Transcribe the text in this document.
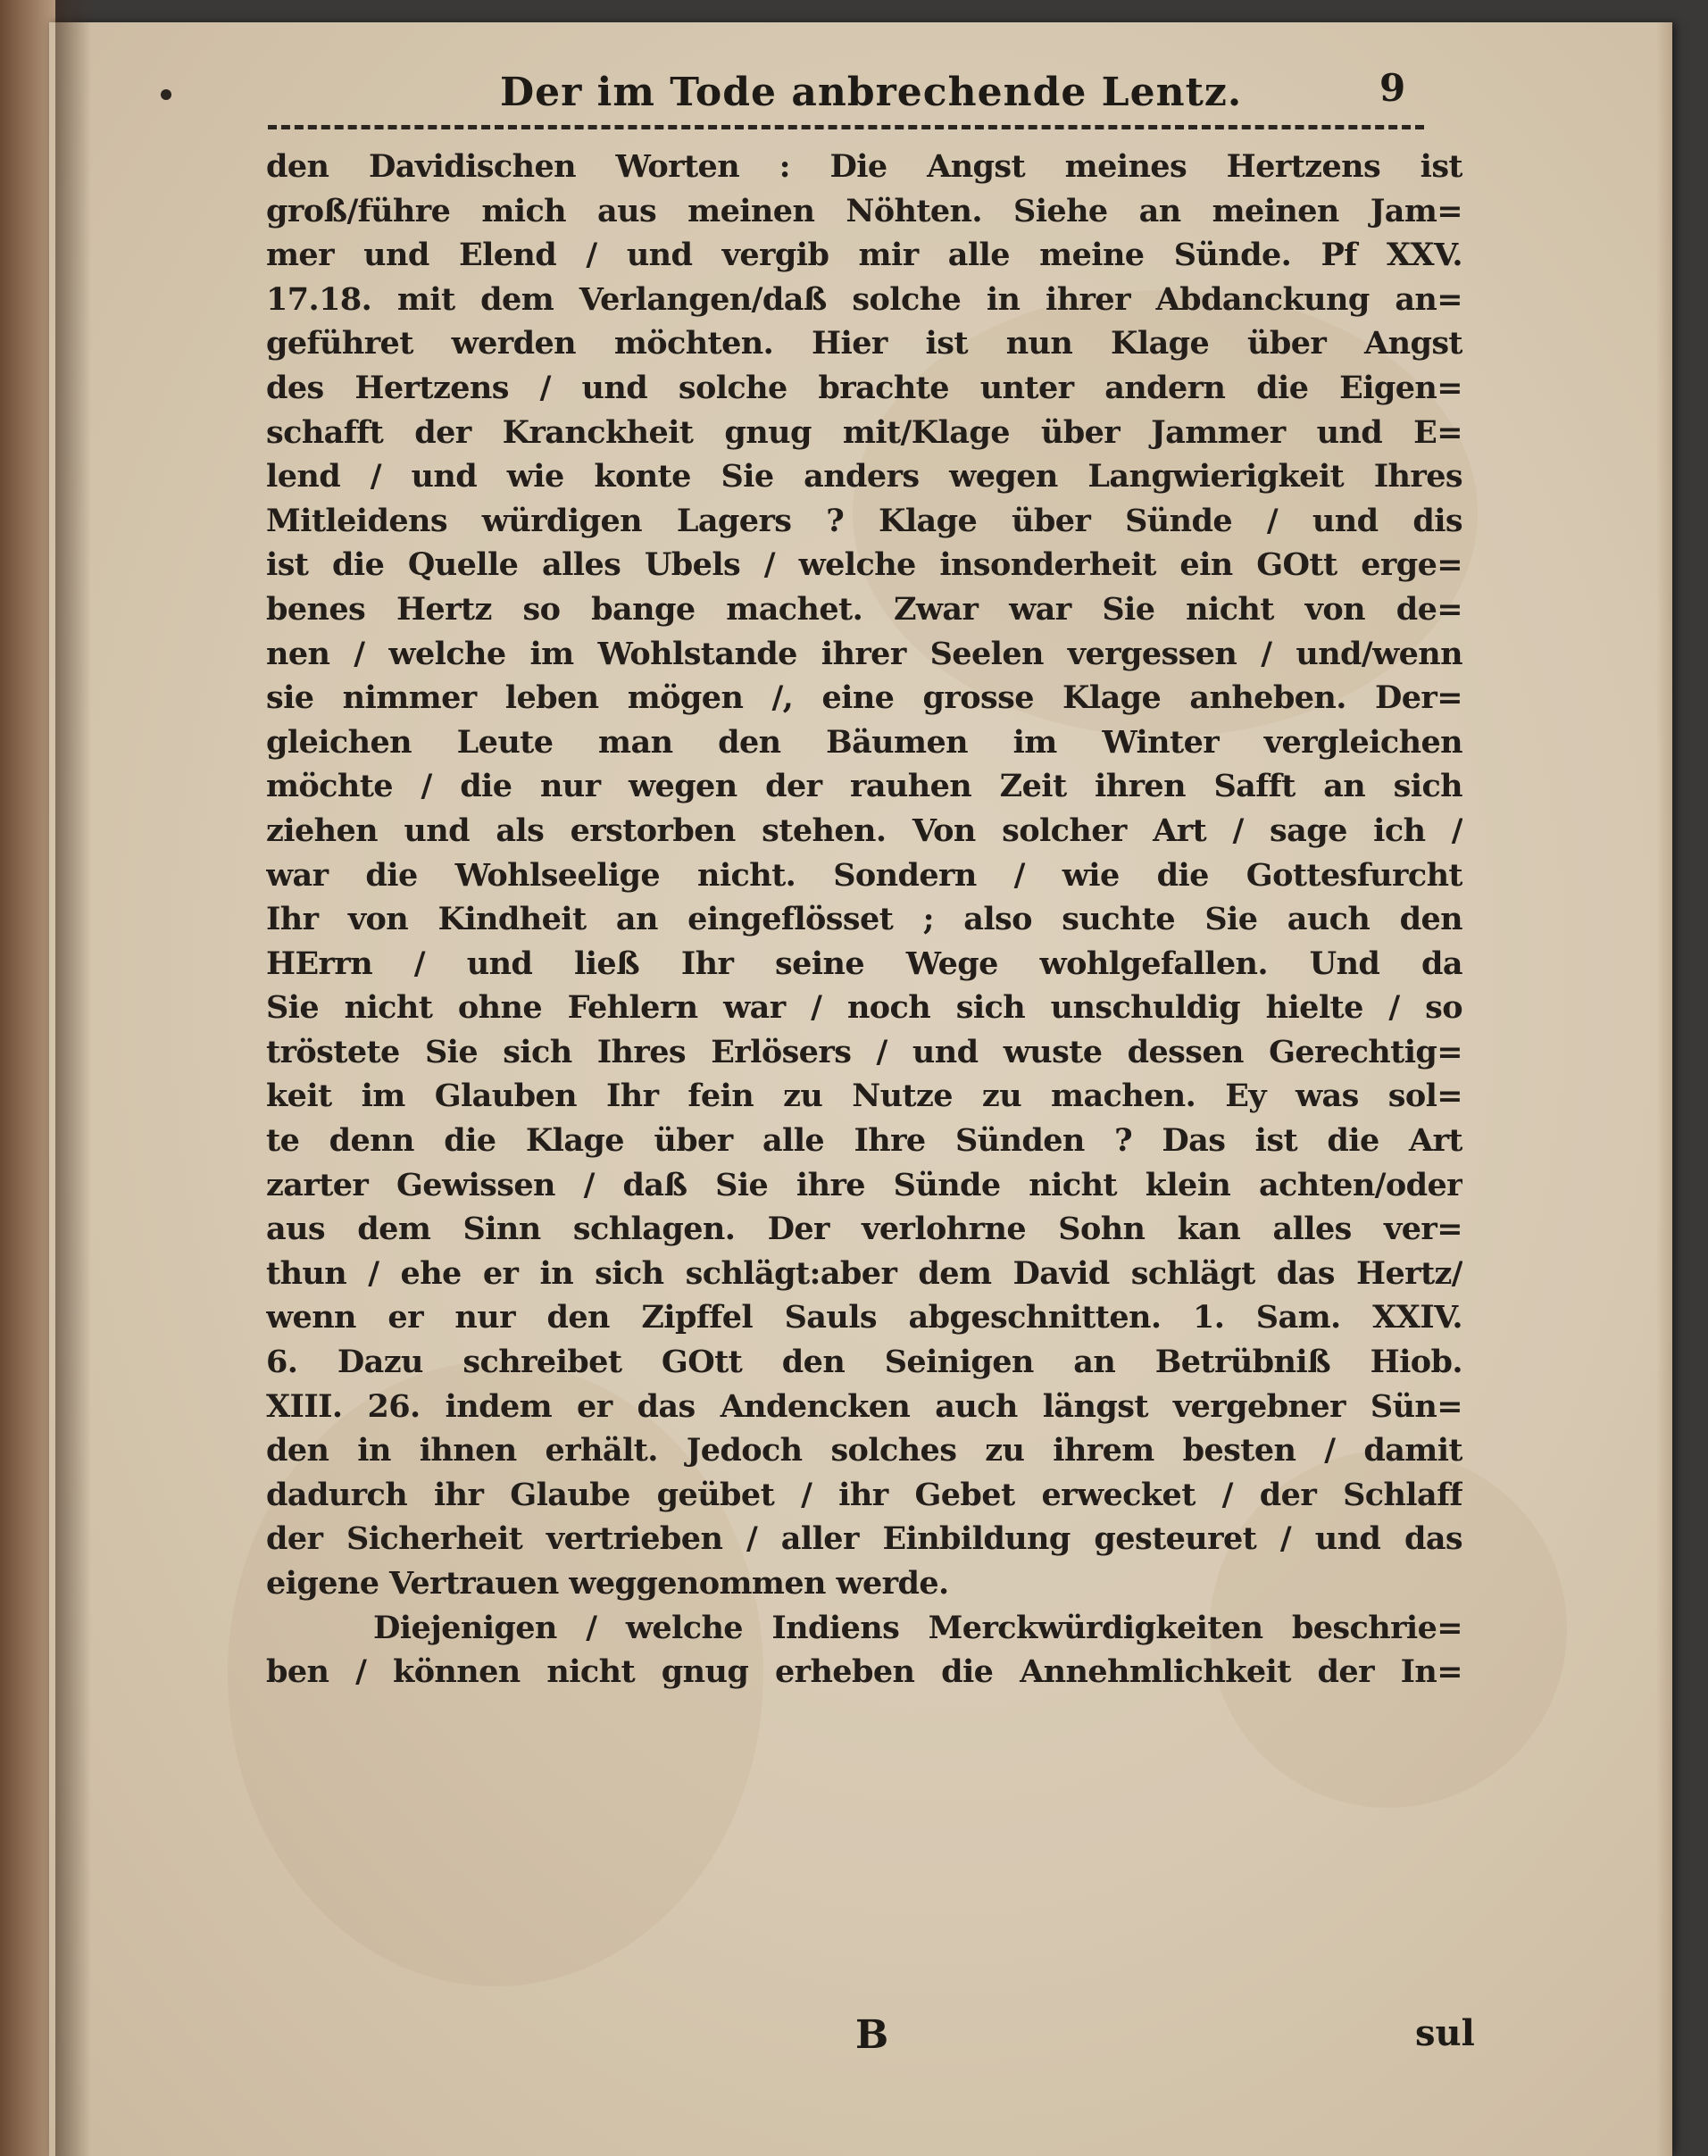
Der im Tode anbrechende Lentz.	9
den Davidischen Worten : Die Angst meines Hertzens ist
groß/führe mich aus meinen Nöhten. Siehe an meinen Jam=
mer und Elend / und vergib mir alle meine Sünde. Pf XXV.
17.18. mit dem Verlangen/daß solche in ihrer Abdanckung an=
geführet werden möchten. Hier ist nun Klage über Angst
des Hertzens / und solche brachte unter andern die Eigen=
schafft der Kranckheit gnug mit/Klage über Jammer und E=
lend / und wie konte Sie anders wegen Langwierigkeit Ihres
Mitleidens würdigen Lagers ? Klage über Sünde / und dis
ist die Quelle alles Ubels / welche insonderheit ein GOtt erge=
benes Hertz so bange machet. Zwar war Sie nicht von de=
nen / welche im Wohlstande ihrer Seelen vergessen / und/wenn
sie nimmer leben mögen /, eine grosse Klage anheben. Der=
gleichen Leute man den Bäumen im Winter vergleichen
möchte / die nur wegen der rauhen Zeit ihren Safft an sich
ziehen und als erstorben stehen. Von solcher Art / sage ich /
war die Wohlseelige nicht. Sondern / wie die Gottesfurcht
Ihr von Kindheit an eingeflösset ; also suchte Sie auch den
HErrn / und ließ Ihr seine Wege wohlgefallen. Und da
Sie nicht ohne Fehlern war / noch sich unschuldig hielte / so
tröstete Sie sich Ihres Erlösers / und wuste dessen Gerechtig=
keit im Glauben Ihr fein zu Nutze zu machen. Ey was sol=
te denn die Klage über alle Ihre Sünden ? Das ist die Art
zarter Gewissen / daß Sie ihre Sünde nicht klein achten/oder
aus dem Sinn schlagen. Der verlohrne Sohn kan alles ver=
thun / ehe er in sich schlägt:aber dem David schlägt das Hertz/
wenn er nur den Zipffel Sauls abgeschnitten. 1. Sam. XXIV.
6. Dazu schreibet GOtt den Seinigen an Betrübniß Hiob.
XIII. 26. indem er das Andencken auch längst vergebner Sün=
den in ihnen erhält. Jedoch solches zu ihrem besten / damit
dadurch ihr Glaube geübet / ihr Gebet erwecket / der Schlaff
der Sicherheit vertrieben / aller Einbildung gesteuret / und das
eigene Vertrauen weggenommen werde.
Diejenigen / welche Indiens Merckwürdigkeiten beschrie=
ben / können nicht gnug erheben die Annehmlichkeit der In=
B	sul
